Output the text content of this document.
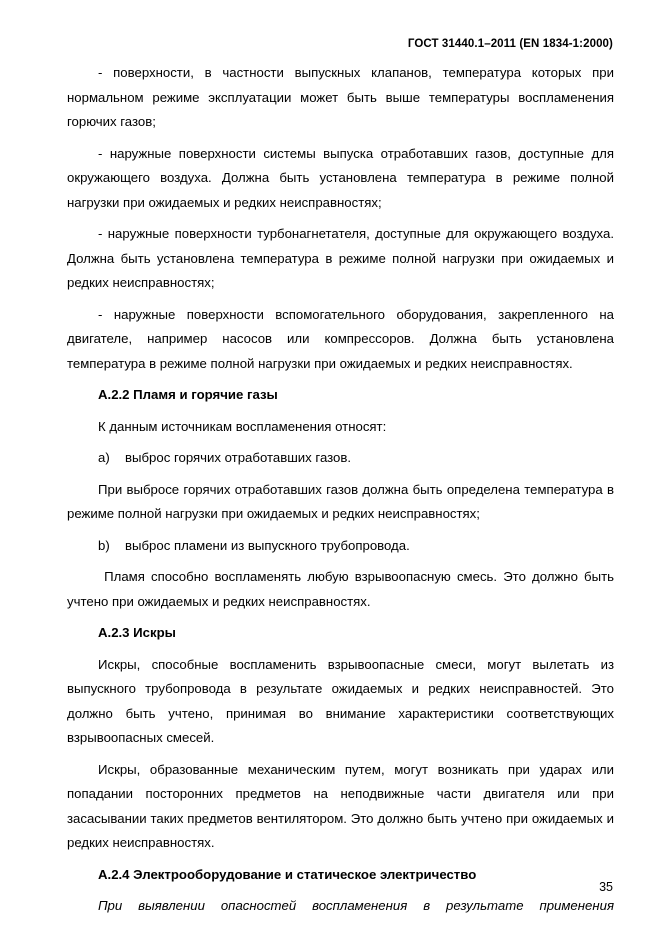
ГОСТ 31440.1–2011 (EN 1834-1:2000)

- поверхности, в частности выпускных клапанов, температура которых при нормальном режиме эксплуатации может быть выше температуры воспламенения горючих газов;

- наружные поверхности системы выпуска отработавших газов, доступные для окружающего воздуха. Должна быть установлена температура в режиме полной нагрузки при ожидаемых и редких неисправностях;

- наружные поверхности турбонагнетателя, доступные для окружающего воздуха. Должна быть установлена температура в режиме полной нагрузки при ожидаемых и редких неисправностях;

- наружные поверхности вспомогательного оборудования, закрепленного на двигателе, например насосов или компрессоров. Должна быть установлена температура в режиме полной нагрузки при ожидаемых и редких неисправностях.

А.2.2 Пламя и горячие газы

К данным источникам воспламенения относят:

a)	выброс горячих отработавших газов.

При выбросе горячих отработавших газов должна быть определена температура в режиме полной нагрузки при ожидаемых и редких неисправностях;

b)	выброс пламени из выпускного трубопровода.

Пламя способно воспламенять любую взрывоопасную смесь. Это должно быть учтено при ожидаемых и редких неисправностях.

А.2.3 Искры

Искры, способные воспламенить взрывоопасные смеси, могут вылетать из выпускного трубопровода в результате ожидаемых и редких неисправностей. Это должно быть учтено, принимая во внимание характеристики соответствующих взрывоопасных смесей.

Искры, образованные механическим путем, могут возникать при ударах или попадании посторонних предметов на неподвижные части двигателя или при засасывании таких предметов вентилятором. Это должно быть учтено при ожидаемых и редких неисправностях.

А.2.4 Электрооборудование и статическое электричество

При выявлении опасностей воспламенения в результате применения

35
